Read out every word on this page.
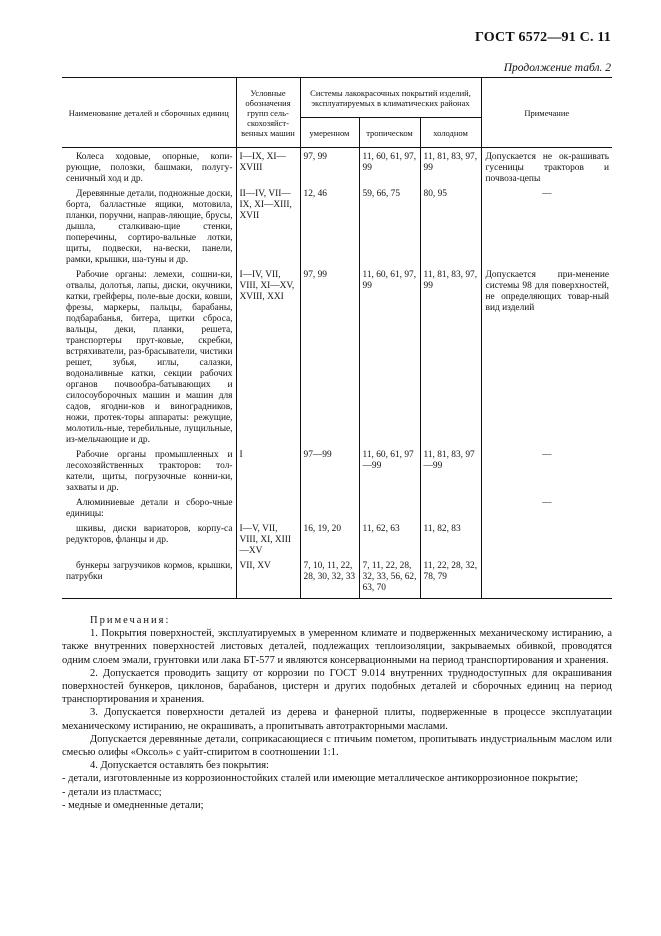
ГОСТ 6572—91 С. 11
Продолжение табл. 2
Наименование деталей и сборочных единиц	Условные обозначения групп сель-скохозяйст-венных машин	Системы лакокрасочных покрытий изделий, эксплуатируемых в климатических районах			Примечание
		умеренном	тропическом	холодном	
Колеса ходовые, опорные, копи-рующие, полозки, башмаки, полугу-сеничный ход и др.	I—IX, XI—XVIII	97, 99	11, 60, 61, 97, 99	11, 81, 83, 97, 99	Допускается не ок-рашивать гусеницы тракторов и почвоза-цепы
Деревянные детали, подножные доски, борта, балластные ящики, мотовила, планки, поручни, направ-ляющие, брусы, дышла, сталкиваю-щие стенки, поперечины, сортиро-вальные лотки, щиты, подвески, на-вески, панели, рамки, крышки, ша-туны и др.	II—IV, VII—IX, XI—XIII, XVII	12, 46	59, 66, 75	80, 95	—
Рабочие органы: лемехи, сошни-ки, отвалы, долотья, лапы, диски, окучники, катки, грейферы, поле-вые доски, ковши, фрезы, маркеры, пальцы, барабаны, подбарабанья, битера, щитки сброса, вальцы, деки, планки, решета, транспортеры прут-ковые, скребки, встряхиватели, раз-брасыватели, чистики решет, зубья, иглы, салазки, водоналивные катки, секции рабочих органов почвообра-батывающих и силосоуборочных машин и машин для садов, ягодни-ков и виноградников, ножи, протек-торы аппараты: режущие, молотиль-ные, теребильные, лущильные, из-мельчающие и др.	I—IV, VII, VIII, XI—XV, XVIII, XXI	97, 99	11, 60, 61, 97, 99	11, 81, 83, 97, 99	Допускается при-менение системы 98 для поверхностей, не определяющих товар-ный вид изделий
Рабочие органы промышленных и лесохозяйственных тракторов: тол-катели, щиты, погрузочные конни-ки, захваты и др.	I	97—99	11, 60, 61, 97—99	11, 81, 83, 97—99	—
Алюминиевые детали и сборо-чные единицы:					—
шкивы, диски вариаторов, корпу-са редукторов, фланцы и др.	I—V, VII, VIII, XI, XIII—XV	16, 19, 20	11, 62, 63	11, 82, 83	
бункеры загрузчиков кормов, крышки, патрубки	VII, XV	7, 10, 11, 22, 28, 30, 32, 33	7, 11, 22, 28, 32, 33, 56, 62, 63, 70	11, 22, 28, 32, 78, 79	
Примечания:

1. Покрытия поверхностей, эксплуатируемых в умеренном климате и подверженных механическому истиранию, а также внутренних поверхностей листовых деталей, подлежащих теплоизоляции, закрываемых обивкой, проводятся одним слоем эмали, грунтовки или лака БТ-577 и являются консервационными на период транспортирования и хранения.

2. Допускается проводить защиту от коррозии по ГОСТ 9.014 внутренних труднодоступных для окрашивания поверхностей бункеров, циклонов, барабанов, цистерн и других подобных деталей и сборочных единиц на период транспортирования и хранения.

3. Допускается поверхности деталей из дерева и фанерной плиты, подверженные в процессе эксплуатации механическому истиранию, не окрашивать, а пропитывать автотракторными маслами.

Допускается деревянные детали, соприкасающиеся с птичьим пометом, пропитывать индустриальным маслом или смесью олифы «Оксоль» с уайт-спиритом в соотношении 1:1.

4. Допускается оставлять без покрытия:

- детали, изготовленные из коррозионностойких сталей или имеющие металлическое антикоррозионное покрытие;

- детали из пластмасс;

- медные и омедненные детали;
